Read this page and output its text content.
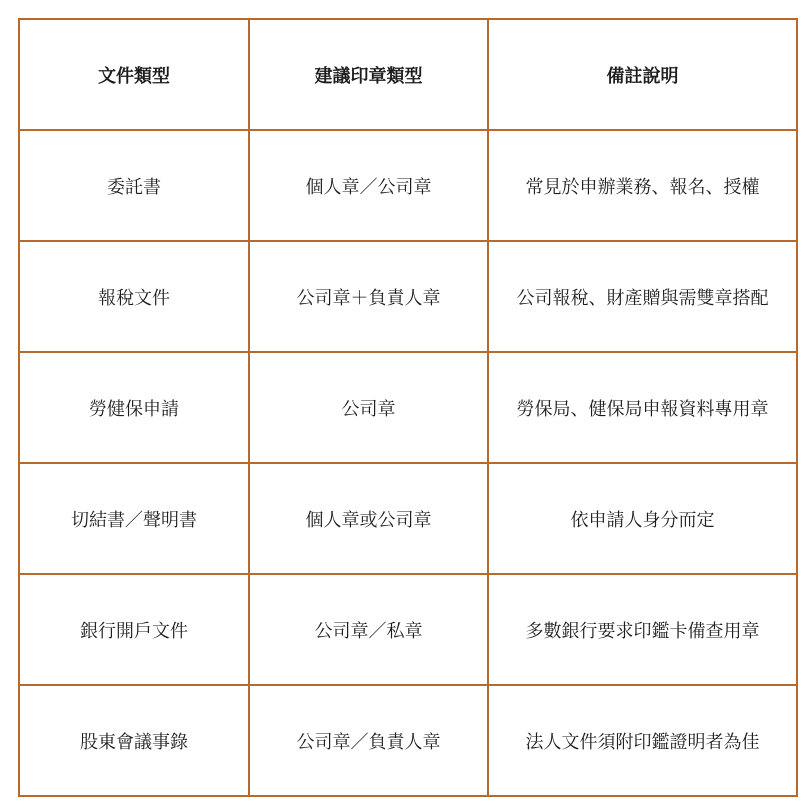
文件類型	建議印章類型	備註說明
委託書	個人章／公司章	常見於申辦業務、報名、授權
報稅文件	公司章＋負責人章	公司報稅、財產贈與需雙章搭配
勞健保申請	公司章	勞保局、健保局申報資料專用章
切結書／聲明書	個人章或公司章	依申請人身分而定
銀行開戶文件	公司章／私章	多數銀行要求印鑑卡備查用章
股東會議事錄	公司章／負責人章	法人文件須附印鑑證明者為佳
